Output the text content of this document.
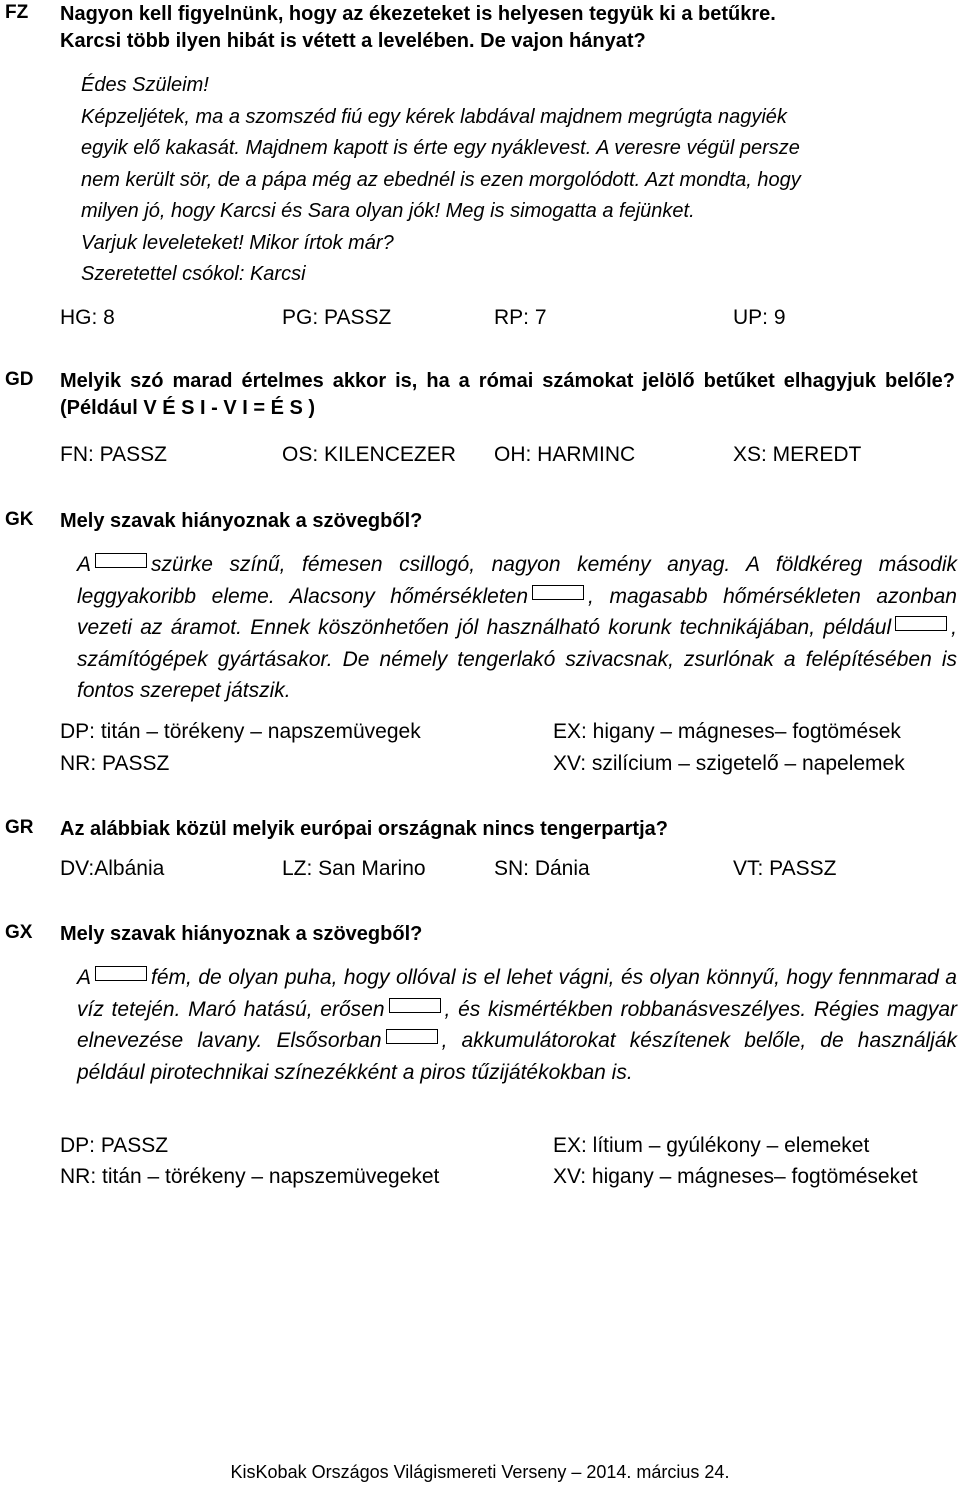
FZ Nagyon kell figyelnünk, hogy az ékezeteket is helyesen tegyük ki a betűkre.
Karcsi több ilyen hibát is vétett a levelében. De vajon hányat?
Édes Szüleim!
Képzeljétek, ma a szomszéd fiú egy kérek labdával majdnem megrúgta nagyiék
egyik elő kakasát. Majdnem kapott is érte egy nyáklevest. A veresre végül persze
nem került sör, de a pápa még az ebednél is ezen morgolódott. Azt mondta, hogy
milyen jó, hogy Karcsi és Sara olyan jók! Meg is simogatta a fejünket.
Varjuk leveleteket! Mikor írtok már?
Szeretettel csókol: Karcsi
HG: 8	PG: PASSZ	RP: 7	UP: 9
GD Melyik szó marad értelmes akkor is, ha a római számokat jelölő betűket elhagyjuk belőle? (Például V É S I - V I = É S )
FN: PASSZ	OS: KILENCEZER OH: HARMINC	XS: MEREDT
GK Mely szavak hiányoznak a szövegből?
A	szürke színű, fémesen csillogó, nagyon kemény anyag. A földkéreg második leggyakoribb eleme. Alacsony hőmérsékleten	, magasabb hőmérsékleten azonban vezeti az áramot. Ennek köszönhetően jól használható korunk technikájában, például	, számítógépek gyártásakor. De némely tengerlakó szivacsnak, zsurlónak a felépítésében is fontos szerepet játszik.
DP: titán – törékeny – napszemüvegek	EX: higany – mágneses– fogtömések
NR: PASSZ	XV: szilícium – szigetelő – napelemek
GR Az alábbiak közül melyik európai országnak nincs tengerpartja?
DV:Albánia	LZ: San Marino	SN: Dánia	VT: PASSZ
GX Mely szavak hiányoznak a szövegből?
A	fém, de olyan puha, hogy ollóval is el lehet vágni, és olyan könnyű, hogy fennmarad a víz tetején. Maró hatású, erősen	, és kismértékben robbanásveszélyes. Régies magyar elnevezése lavany. Elsősorban	, akkumulátorokat készítenek belőle, de használják például pirotechnikai színezékként a piros tűzijátékokban is.
DP: PASSZ	EX: lítium – gyúlékony – elemeket
NR: titán – törékeny – napszemüvegeket	XV: higany – mágneses– fogtöméseket
KisKobak Országos Világismereti Verseny – 2014. március 24.
